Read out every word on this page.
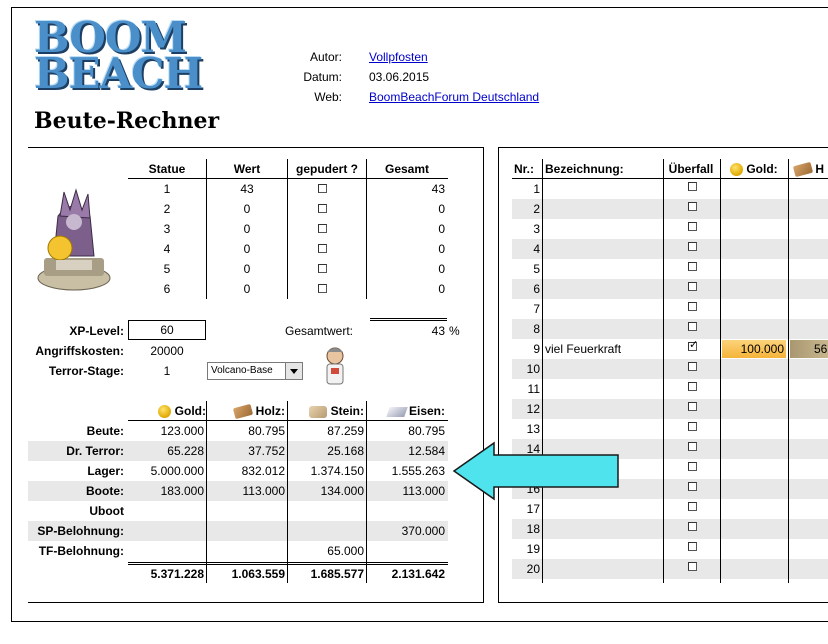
BOOM
BEACH
Beute-Rechner
Autor: Vollpfosten
Datum: 03.06.2015
Web: BoomBeachForum Deutschland
Statue	Wert	gepudert ?	Gesamt
1	43	43
2	0	0
3	0	0
4	0	0
5	0	0
6	0	0
XP-Level:	60	Gesamtwert:	43 %
Angriffskosten:	20000
Terror-Stage:	1	Volcano-Base
Gold:	Holz:	Stein:	Eisen:
Beute:	123.000	80.795	87.259	80.795
Dr. Terror:	65.228	37.752	25.168	12.584
Lager:	5.000.000	832.012	1.374.150	1.555.263
Boote:	183.000	113.000	134.000	113.000
Uboot
SP-Belohnung:	370.000
TF-Belohnung:	65.000
5.371.228	1.063.559	1.685.577	2.131.642
Nr.: Bezeichnung:	Überfall	Gold:	H
1
2
3
4
5
6
7
8
9 viel Feuerkraft
✓	100.000	56
10
11
12
13
14
16
17
18
19
20
